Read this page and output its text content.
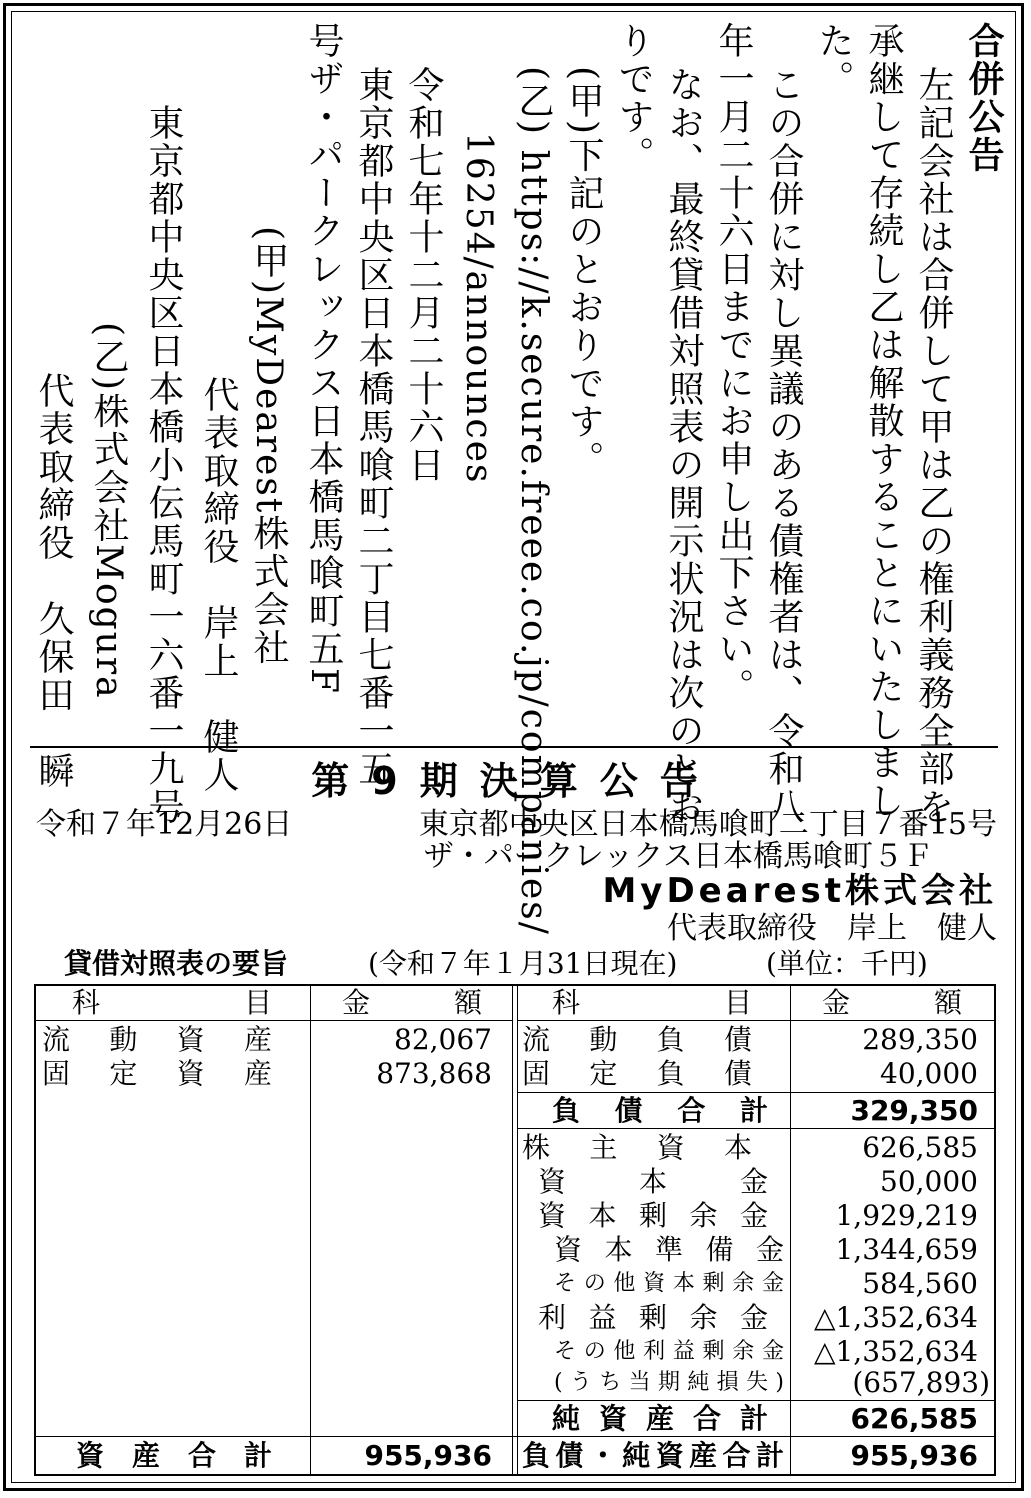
合併公告
左記会社は合併して甲は乙の権利義務全部を
承継して存続し乙は解散することにいたしまし
た。
この合併に対し異議のある債権者は、令和八
年一月二十六日までにお申し出下さい。
なお、最終貸借対照表の開示状況は次のとお
りです。
(甲)下記のとおりです。
(乙) https://k.secure.freee.co.jp/companies/
16254/announces
令和七年十二月二十六日
東京都中央区日本橋馬喰町二丁目七番一五
号ザ・パークレックス日本橋馬喰町五F
(甲)MyDearest株式会社
代表取締役　岸上　健人
東京都中央区日本橋小伝馬町一六番一九号
(乙)株式会社Mogura
代表取締役　久保田　瞬	第9期決算公告
令和７年12月26日	東京都中央区日本橋馬喰町二丁目７番15号
ザ・パークレックス日本橋馬喰町５Ｆ
MyDearest株式会社
代表取締役　岸上　健人
貸借対照表の要旨	(令和７年１月31日現在)	(単位：千円)
科目	金額	科目	金額
流動資産	82,067
固定資産	873,868
資産合計	955,936
流動負債	289,350
固定負債	40,000
負債合計	329,350
株主資本	626,585
資本金	50,000
資本剰余金	1,929,219
資本準備金	1,344,659
その他資本剰余金	584,560
利益剰余金	△1,352,634
その他利益剰余金	△1,352,634
(うち当期純損失)	(657,893)
純資産合計	626,585
負債・純資産合計	955,936
